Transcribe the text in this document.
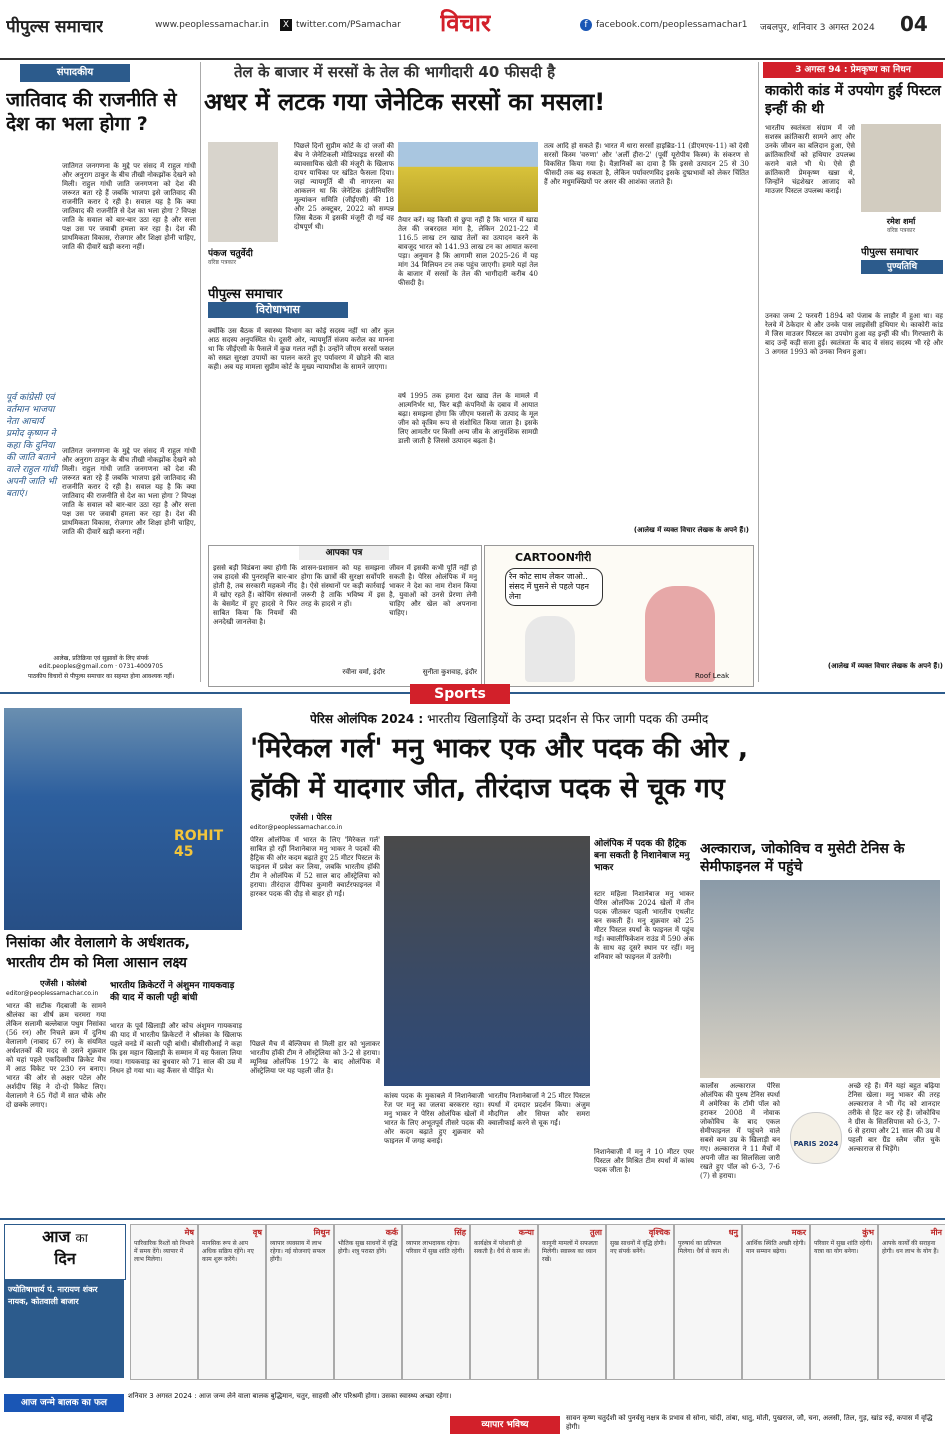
पीपुल्स समाचार	www.peoplessamachar.in	X twitter.com/PSamachar विचार	f facebook.com/peoplessamachar1 जबलपुर, शनिवार 3 अगस्त 2024 04
संपादकीय
जातिवाद की राजनीति से देश का भला होगा ?
जातिगत जनगणना के मुद्दे पर संसद में राहुल गांधी और अनुराग ठाकुर के बीच तीखी नोकझोंक देखने को मिली। राहुल गांधी जाति जनगणना को देश की जरूरत बता रहे हैं जबकि भाजपा इसे जातिवाद की राजनीति करार दे रही है। सवाल यह है कि क्या जातिवाद की राजनीति से देश का भला होगा ? विपक्ष जाति के सवाल को बार-बार उठा रहा है और सत्ता पक्ष उस पर जवाबी हमला कर रहा है। देश की प्राथमिकता विकास, रोजगार और शिक्षा होनी चाहिए, जाति की दीवारें खड़ी करना नहीं।
पूर्व कांग्रेसी एवं वर्तमान भाजपा नेता आचार्य प्रमोद कृष्णन ने कहा कि दुनिया की जाति बताने वाले राहुल गांधी अपनी जाति भी बताएं।
जातिगत जनगणना के मुद्दे पर संसद में राहुल गांधी और अनुराग ठाकुर के बीच तीखी नोकझोंक देखने को मिली। राहुल गांधी जाति जनगणना को देश की जरूरत बता रहे हैं जबकि भाजपा इसे जातिवाद की राजनीति करार दे रही है। सवाल यह है कि क्या जातिवाद की राजनीति से देश का भला होगा ? विपक्ष जाति के सवाल को बार-बार उठा रहा है और सत्ता पक्ष उस पर जवाबी हमला कर रहा है। देश की प्राथमिकता विकास, रोजगार और शिक्षा होनी चाहिए, जाति की दीवारें खड़ी करना नहीं।
आलेख, प्रतिक्रिया एवं सुझावों के लिए संपर्क
edit.peoples@gmail.com · 0731-4009705
पाठकीय विचारों से पीपुल्स समाचार का सहमत होना आवश्यक नहीं।
तेल के बाजार में सरसों के तेल की भागीदारी 40 फीसदी है
अधर में लटक गया जेनेटिक सरसों का मसला!
पंकज चतुर्वेदी
वरिष्ठ पत्रकार
पीपुल्स समाचार
विरोधाभास
पिछले दिनों सुप्रीम कोर्ट के दो जजों की बेंच ने जेनेटिकली मोडिफाइड सरसों की व्यावसायिक खेती की मंजूरी के खिलाफ दायर याचिका पर खंडित फैसला दिया। जहां न्यायमूर्ति बी वी नागरत्ना का आकलन था कि जेनेटिक इंजीनियरिंग मूल्यांकन समिति (जीईएसी) की 18 और 25 अक्टूबर, 2022 को सम्पन्न जिस बैठक में इसकी मंजूरी दी गई वह दोषपूर्ण थी।
क्योंकि उस बैठक में स्वास्थ्य विभाग का कोई सदस्य नहीं था और कुल आठ सदस्य अनुपस्थित थे। दूसरी ओर, न्यायमूर्ति संजय करोल का मानना था कि जीईएसी के फैसले में कुछ गलत नहीं है। उन्होंने जीएम सरसों फसल को सख्त सुरक्षा उपायों का पालन करते हुए पर्यावरण में छोड़ने की बात कही। अब यह मामला सुप्रीम कोर्ट के मुख्य न्यायाधीश के सामने जाएगा।
तैयार करें। यह किसी से छुपा नहीं है कि भारत में खाद्य तेल की जबरदस्त मांग है, लेकिन 2021-22 में 116.5 लाख टन खाद्य तेलों का उत्पादन करने के बावजूद भारत को 141.93 लाख टन का आयात करना पड़ा। अनुमान है कि आगामी साल 2025-26 में यह मांग 34 मिलियन टन तक पहुंच जाएगी। हमारे यहां तेल के बाजार में सरसों के तेल की भागीदारी करीब 40 फीसदी है।
वर्ष 1995 तक हमारा देश खाद्य तेल के मामले में आत्मनिर्भर था, फिर बड़ी कंपनियों के दबाव में आयात बढ़ा। समझना होगा कि जीएम फसलों के उत्पाद के मूल जीन को कृत्रिम रूप से संशोधित किया जाता है। इसके लिए आमतौर पर किसी अन्य जीव के आनुवंशिक सामग्री डाली जाती है जिससे उत्पादन बढ़ता है।
तत्व आदि हो सकते हैं। भारत में धारा सरसों हाइब्रिड-11 (डीएमएच-11) को देसी सरसों किस्म 'वरुणा' और 'अर्ली हीरा-2' (पूर्वी यूरोपीय किस्म) के संकरण से विकसित किया गया है। वैज्ञानिकों का दावा है कि इससे उत्पादन 25 से 30 फीसदी तक बढ़ सकता है, लेकिन पर्यावरणविद इसके दुष्प्रभावों को लेकर चिंतित हैं और मधुमक्खियों पर असर की आशंका जताते हैं।
(आलेख में व्यक्त विचार लेखक के अपने हैं।)
आपका पत्र
इससे बड़ी विडंबना क्या होगी कि जब हादसे की पुनरावृत्ति बार-बार होती है, तब सरकारी महकमे नींद में खोए रहते हैं। कोचिंग संस्थानों के बेसमेंट में हुए हादसे ने फिर साबित किया कि नियमों की अनदेखी जानलेवा है।
शासन-प्रशासन को यह समझना होगा कि छात्रों की सुरक्षा सर्वोपरि है। ऐसे संस्थानों पर कड़ी कार्रवाई जरूरी है ताकि भविष्य में इस तरह के हादसे न हों।
रवीना वर्मा, इंदौर
जीवन में इसकी कभी पूर्ति नहीं हो सकती है। पेरिस ओलंपिक में मनु भाकर ने देश का नाम रोशन किया है, युवाओं को उनसे प्रेरणा लेनी चाहिए और खेल को अपनाना चाहिए।
सुनीता कुशवाह, इंदौर
CARTOONगीरी
रेन कोट साथ लेकर जाओ.. संसद में घुसने से पहले पहन लेना
Roof Leak
3 अगस्त 94 : प्रेमकृष्ण का निधन
काकोरी कांड में उपयोग हुई पिस्टल इन्हीं की थी
भारतीय स्वतंत्रता संग्राम में जो सशस्त्र क्रांतिकारी सामने आए और उनके जीवन का बलिदान हुआ, ऐसे क्रांतिकारियों को हथियार उपलब्ध कराने वाले भी थे। ऐसे ही क्रांतिकारी प्रेमकृष्ण खन्ना थे, जिन्होंने चंद्रशेखर आजाद को माउजर पिस्टल उपलब्ध कराई।
रमेश शर्मा
वरिष्ठ पत्रकार
पीपुल्स समाचार
पुण्यतिथि
उनका जन्म 2 फरवरी 1894 को पंजाब के लाहौर में हुआ था। वह रेलवे में ठेकेदार थे और उनके पास लाइसेंसी हथियार थे। काकोरी कांड में जिस माउजर पिस्टल का उपयोग हुआ वह इन्हीं की थी। गिरफ्तारी के बाद उन्हें कड़ी सजा हुई। स्वतंत्रता के बाद वे संसद सदस्य भी रहे और 3 अगस्त 1993 को उनका निधन हुआ।
(आलेख में व्यक्त विचार लेखक के अपने हैं।)
Sports
ROHIT 45
पेरिस ओलंपिक 2024 : भारतीय खिलाड़ियों के उम्दा प्रदर्शन से फिर जागी पदक की उम्मीद
'मिरेकल गर्ल' मनु भाकर एक और पदक की ओर ,
हॉकी में यादगार जीत, तीरंदाज पदक से चूक गए
निसांका और वेलालागे के अर्धशतक,
भारतीय टीम को मिला आसान लक्ष्य
एजेंसी । कोलंबो
editor@peoplessamachar.co.in
भारत की सटीक गेंदबाजी के सामने श्रीलंका का शीर्ष क्रम चरमरा गया लेकिन सलामी बल्लेबाज पथुम निसांका (56 रन) और निचले क्रम में दुनिथ वेलालागे (नाबाद 67 रन) के संयमित अर्धशतकों की मदद से उसने शुक्रवार को यहां पहले एकदिवसीय क्रिकेट मैच में आठ विकेट पर 230 रन बनाए। भारत की ओर से अक्षर पटेल और अर्शदीप सिंह ने दो-दो विकेट लिए। वेलालागे ने 65 गेंदों में सात चौके और दो छक्के लगाए।
भारतीय क्रिकेटरों ने अंशुमन गायकवाड़ की याद में काली पट्टी बांधी
भारत के पूर्व खिलाड़ी और कोच अंशुमन गायकवाड़ की याद में भारतीय क्रिकेटरों ने श्रीलंका के खिलाफ पहले वनडे में काली पट्टी बांधी। बीसीसीआई ने कहा कि इस महान खिलाड़ी के सम्मान में यह फैसला लिया गया। गायकवाड़ का बुधवार को 71 साल की उम्र में निधन हो गया था। वह कैंसर से पीड़ित थे।
एजेंसी । पेरिस
editor@peoplessamachar.co.in
पेरिस ओलंपिक में भारत के लिए 'मिरेकल गर्ल' साबित हो रहीं निशानेबाज मनु भाकर ने पदकों की हैट्रिक की ओर कदम बढ़ाते हुए 25 मीटर पिस्टल के फाइनल में प्रवेश कर लिया, जबकि भारतीय हॉकी टीम ने ओलंपिक में 52 साल बाद ऑस्ट्रेलिया को हराया। तीरंदाज दीपिका कुमारी क्वार्टरफाइनल में हारकर पदक की दौड़ से बाहर हो गईं।
पिछले मैच में बेल्जियम से मिली हार को भुलाकर भारतीय हॉकी टीम ने ऑस्ट्रेलिया को 3-2 से हराया। म्यूनिख ओलंपिक 1972 के बाद ओलंपिक में ऑस्ट्रेलिया पर यह पहली जीत है।
कांस्य पदक के मुकाबले में निशानेबाजी रेंज पर मनु का जलवा बरकरार रहा। मनु भाकर ने पेरिस ओलंपिक खेलों में भारत के लिए अभूतपूर्व तीसरे पदक की ओर कदम बढ़ाते हुए शुक्रवार को फाइनल में जगह बनाई।
भारतीय निशानेबाजों ने 25 मीटर पिस्टल स्पर्धा में दमदार प्रदर्शन किया। अंजुम मौदगिल और सिफ्त कौर समरा क्वालीफाई करने से चूक गईं।
ओलंपिक में पदक की हैट्रिक बना सकती है निशानेबाज मनु भाकर
स्टार महिला निशानेबाज मनु भाकर पेरिस ओलंपिक 2024 खेलों में तीन पदक जीतकर पहली भारतीय एथलीट बन सकती हैं। मनु शुक्रवार को 25 मीटर पिस्टल स्पर्धा के फाइनल में पहुंच गईं। क्वालीफिकेशन राउंड में 590 अंक के साथ वह दूसरे स्थान पर रहीं। मनु शनिवार को फाइनल में उतरेंगी।
निशानेबाजी में मनु ने 10 मीटर एयर पिस्टल और मिश्रित टीम स्पर्धा में कांस्य पदक जीता है।
अल्काराज, जोकोविच व मुसेटी टेनिस के सेमीफाइनल में पहुंचे
कार्लोस अल्काराज पेरिस ओलंपिक की पुरुष टेनिस स्पर्धा में अमेरिका के टॉमी पॉल को हराकर 2008 में नोवाक जोकोविच के बाद एकल सेमीफाइनल में पहुंचने वाले सबसे कम उम्र के खिलाड़ी बन गए। अल्काराज ने 11 मैचों में अपनी जीत का सिलसिला जारी रखते हुए पॉल को 6-3, 7-6 (7) से हराया।
$_{PARIS 2024}$
अच्छे रहे हैं। मैंने यहां बहुत बढ़िया टेनिस खेला। मनु भाकर की तरह अल्काराज ने भी गेंद को शानदार तरीके से हिट कर रहे हैं। जोकोविच ने ग्रीस के सितसिपास को 6-3, 7-6 से हराया और 21 साल की उम्र में पहली बार ग्रैंड स्लैम जीत चुके अल्काराज से भिड़ेंगे।
आज का
दिन
ज्योतिषाचार्य पं. नारायण शंकर नायक, कोतवाली बाजार
मेष
पारिवारिक रिश्तों को निभाने में समय देंगे। व्यापार में लाभ मिलेगा।
वृष
मानसिक रूप से आप अधिक सक्रिय रहेंगे। नए काम शुरू करेंगे।
मिथुन
व्यापार व्यवसाय में लाभ रहेगा। नई योजनाएं सफल होंगी।
कर्क
भौतिक सुख साधनों में वृद्धि होगी। शत्रु परास्त होंगे।
सिंह
व्यापार लाभदायक रहेगा। परिवार में सुख शांति रहेगी।
कन्या
कार्यक्षेत्र में परेशानी हो सकती है। धैर्य से काम लें।
तुला
कानूनी मामलों में सफलता मिलेगी। स्वास्थ्य का ध्यान रखें।
वृश्चिक
सुख साधनों में वृद्धि होगी। नए संपर्क बनेंगे।
धनु
पुरुषार्थ का प्रतिफल मिलेगा। धैर्य से काम लें।
मकर
आर्थिक स्थिति अच्छी रहेगी। मान सम्मान बढ़ेगा।
कुंभ
परिवार में सुख शांति रहेगी। यात्रा का योग बनेगा।
मीन
आपके कार्यों की सराहना होगी। धन लाभ के योग हैं।
आज जन्मे बालक का फल
शनिवार 3 अगस्त 2024 : आज जन्म लेने वाला बालक बुद्धिमान, चतुर, साहसी और परिश्रमी होगा। उसका स्वास्थ्य अच्छा रहेगा।
व्यापार भविष्य
सावन कृष्ण चतुर्दशी को पुनर्वसु नक्षत्र के प्रभाव से सोना, चांदी, तांबा, धातु, मोती, पुखराज, जौ, चना, अलसी, तिल, गुड़, खांड रुई, कपास में वृद्धि होगी।
